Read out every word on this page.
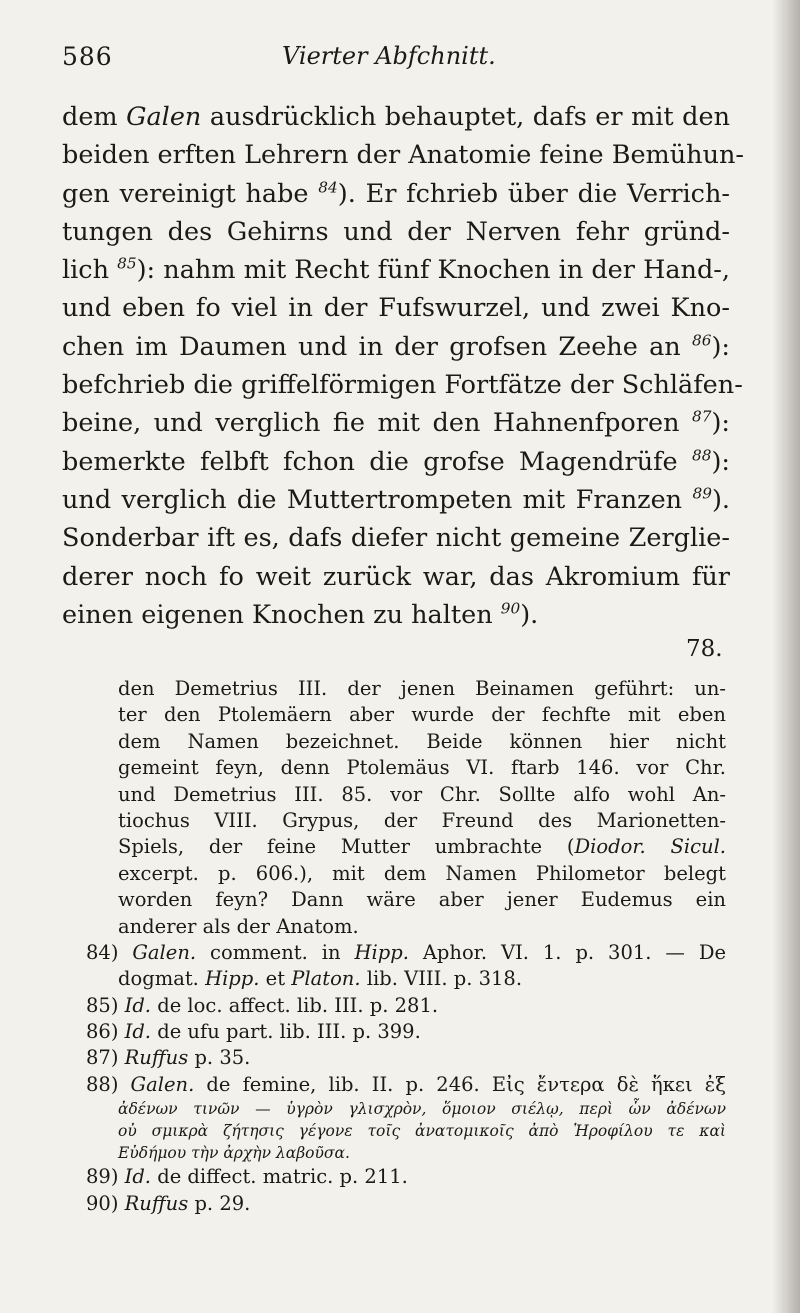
586	Vierter Abfchnitt.
dem Galen ausdrücklich behauptet, dafs er mit den
beiden erften Lehrern der Anatomie feine Bemühun-
gen vereinigt habe $^{84}$). Er fchrieb über die Verrich-
tungen des Gehirns und der Nerven fehr gründ-
lich $^{85}$): nahm mit Recht fünf Knochen in der Hand-,
und eben fo viel in der Fufswurzel, und zwei Kno-
chen im Daumen und in der grofsen Zeehe an $^{86}$):
befchrieb die griffelförmigen Fortfätze der Schläfen-
beine, und verglich fie mit den Hahnenfporen $^{87}$):
bemerkte felbft fchon die grofse Magendrüfe $^{88}$):
und verglich die Muttertrompeten mit Franzen $^{89}$).
Sonderbar ift es, dafs diefer nicht gemeine Zerglie-
derer noch fo weit zurück war, das Akromium für
einen eigenen Knochen zu halten $^{90}$).
78.
den Demetrius III. der jenen Beinamen geführt: un-
ter den Ptolemäern aber wurde der fechfte mit eben
dem Namen bezeichnet. Beide können hier nicht
gemeint feyn, denn Ptolemäus VI. ftarb 146. vor Chr.
und Demetrius III. 85. vor Chr. Sollte alfo wohl An-
tiochus VIII. Grypus, der Freund des Marionetten-
Spiels, der feine Mutter umbrachte (Diodor. Sicul.
excerpt. p. 606.), mit dem Namen Philometor belegt
worden feyn? Dann wäre aber jener Eudemus ein
anderer als der Anatom.
84) Galen. comment. in Hipp. Aphor. VI. 1. p. 301. — De
dogmat. Hipp. et Platon. lib. VIII. p. 318.
85) Id. de loc. affect. lib. III. p. 281.
86) Id. de ufu part. lib. III. p. 399.
87) Ruffus p. 35.
88) Galen. de femine, lib. II. p. 246. Εἰς ἔντερα δὲ ἥκει ἐξ
ἀδένων τινῶν — ὑγρὸν γλισχρὸν, ὅμοιον σιέλῳ, περὶ ὧν ἀδένων
οὐ σμικρὰ ζήτησις γέγονε τοῖς ἀνατομικοῖς ἀπὸ Ἡροφίλου τε καὶ
Εὐδήμου τὴν ἀρχὴν λαβοῦσα.
89) Id. de diffect. matric. p. 211.
90) Ruffus p. 29.
